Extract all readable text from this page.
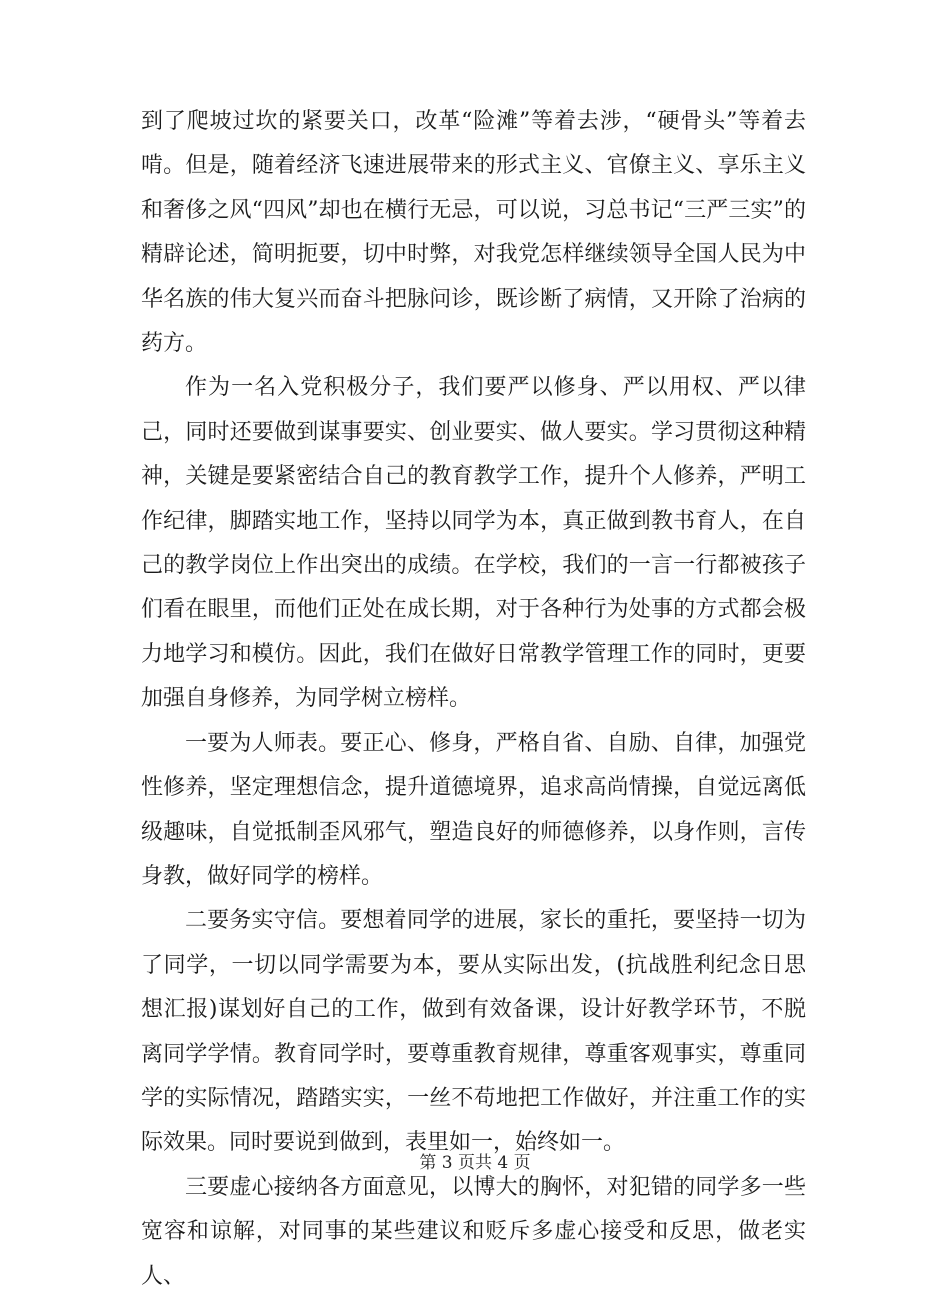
到了爬坡过坎的紧要关口，改革“险滩”等着去涉，“硬骨头”等着去啃。但是，随着经济飞速进展带来的形式主义、官僚主义、享乐主义和奢侈之风“四风”却也在横行无忌，可以说，习总书记“三严三实”的精辟论述，简明扼要，切中时弊，对我党怎样继续领导全国人民为中华名族的伟大复兴而奋斗把脉问诊，既诊断了病情，又开除了治病的药方。

作为一名入党积极分子，我们要严以修身、严以用权、严以律己，同时还要做到谋事要实、创业要实、做人要实。学习贯彻这种精神，关键是要紧密结合自己的教育教学工作，提升个人修养，严明工作纪律，脚踏实地工作，坚持以同学为本，真正做到教书育人，在自己的教学岗位上作出突出的成绩。在学校，我们的一言一行都被孩子们看在眼里，而他们正处在成长期，对于各种行为处事的方式都会极力地学习和模仿。因此，我们在做好日常教学管理工作的同时，更要加强自身修养，为同学树立榜样。

一要为人师表。要正心、修身，严格自省、自励、自律，加强党性修养，坚定理想信念，提升道德境界，追求高尚情操，自觉远离低级趣味，自觉抵制歪风邪气，塑造良好的师德修养，以身作则，言传身教，做好同学的榜样。

二要务实守信。要想着同学的进展，家长的重托，要坚持一切为了同学，一切以同学需要为本，要从实际出发，(抗战胜利纪念日思想汇报)谋划好自己的工作，做到有效备课，设计好教学环节，不脱离同学学情。教育同学时，要尊重教育规律，尊重客观事实，尊重同学的实际情况，踏踏实实，一丝不苟地把工作做好，并注重工作的实际效果。同时要说到做到，表里如一，始终如一。

三要虚心接纳各方面意见，以博大的胸怀，对犯错的同学多一些宽容和谅解，对同事的某些建议和贬斥多虚心接受和反思，做老实人、

第 3 页共 4 页
